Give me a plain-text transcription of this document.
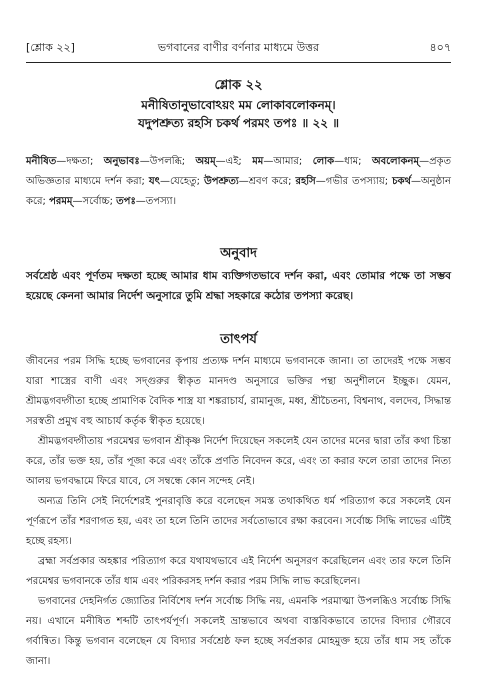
[শ্লোক ২২]	ভগবানের বাণীর বর্ণনার মাধ্যমে উত্তর	৪০৭
শ্লোক ২২
মনীষিতানুভাবোঽয়ং মম লোকাবলোকনম্‌।
যদুপশ্রুত্য রহসি চকর্থ পরমং তপঃ ॥ ২২ ॥
মনীষিত—দক্ষতা; অনুভাবঃ—উপলব্ধি; অয়ম্‌—এই; মম—আমার; লোক—ধাম; অবলোকনম্‌—প্রকৃত অভিজ্ঞতার মাধ্যমে দর্শন করা; যৎ—যেহেতু; উপশ্রুত্য—শ্রবণ করে; রহসি—গভীর তপস্যায়; চকর্থ—অনুষ্ঠান করে; পরমম্‌—সর্বোচ্চ; তপঃ—তপস্যা।
অনুবাদ
সর্বশ্রেষ্ঠ এবং পূর্ণতম দক্ষতা হচ্ছে আমার ধাম ব্যক্তিগতভাবে দর্শন করা, এবং তোমার পক্ষে তা সম্ভব হয়েছে কেননা আমার নির্দেশ অনুসারে তুমি শ্রদ্ধা সহকারে কঠোর তপস্যা করেছ।
তাৎপর্য

জীবনের পরম সিদ্ধি হচ্ছে ভগবানের কৃপায় প্রত্যক্ষ দর্শন মাধ্যমে ভগবানকে জানা। তা তাদেরই পক্ষে সম্ভব যারা শাস্ত্রের বাণী এবং সদ্‌গুরুর স্বীকৃত মানদণ্ড অনুসারে ভক্তির পন্থা অনুশীলনে ইচ্ছুক। যেমন, শ্রীমদ্ভগবদ্গীতা হচ্ছে প্রামাণিক বৈদিক শাস্ত্র যা শঙ্করাচার্য, রামানুজ, মধ্ব, শ্রীচৈতন্য, বিশ্বনাথ, বলদেব, সিদ্ধান্ত সরস্বতী প্রমুখ বহু আচার্য কর্তৃক স্বীকৃত হয়েছে।

শ্রীমদ্ভগবদ্গীতায় পরমেশ্বর ভগবান শ্রীকৃষ্ণ নির্দেশ দিয়েছেন সকলেই যেন তাদের মনের দ্বারা তাঁর কথা চিন্তা করে, তাঁর ভক্ত হয়, তাঁর পূজা করে এবং তাঁকে প্রণতি নিবেদন করে, এবং তা করার ফলে তারা তাদের নিত্য আলয় ভগবদ্ধামে ফিরে যাবে, সে সম্বন্ধে কোন সন্দেহ নেই।

অন্যত্র তিনি সেই নির্দেশেরই পুনরাবৃত্তি করে বলেছেন সমস্ত তথাকথিত ধর্ম পরিত্যাগ করে সকলেই যেন পূর্ণরূপে তাঁর শরণাগত হয়, এবং তা হলে তিনি তাদের সর্বতোভাবে রক্ষা করবেন। সর্বোচ্চ সিদ্ধি লাভের এটিই হচ্ছে রহস্য।

ব্রহ্মা সর্বপ্রকার অহঙ্কার পরিত্যাগ করে যথাযথভাবে এই নির্দেশ অনুসরণ করেছিলেন এবং তার ফলে তিনি পরমেশ্বর ভগবানকে তাঁর ধাম এবং পরিকরসহ দর্শন করার পরম সিদ্ধি লাভ করেছিলেন।

ভগবানের দেহনির্গত জ্যোতির নির্বিশেষ দর্শন সর্বোচ্চ সিদ্ধি নয়, এমনকি পরমাত্মা উপলব্ধিও সর্বোচ্চ সিদ্ধি নয়। এখানে মনীষিত শব্দটি তাৎপর্যপূর্ণ। সকলেই ভ্রান্তভাবে অথবা বাস্তবিকভাবে তাদের বিদ্যার গৌরবে গর্বান্বিত। কিন্তু ভগবান বলেছেন যে বিদ্যার সর্বশ্রেষ্ঠ ফল হচ্ছে সর্বপ্রকার মোহমুক্ত হয়ে তাঁর ধাম সহ তাঁকে জানা।
